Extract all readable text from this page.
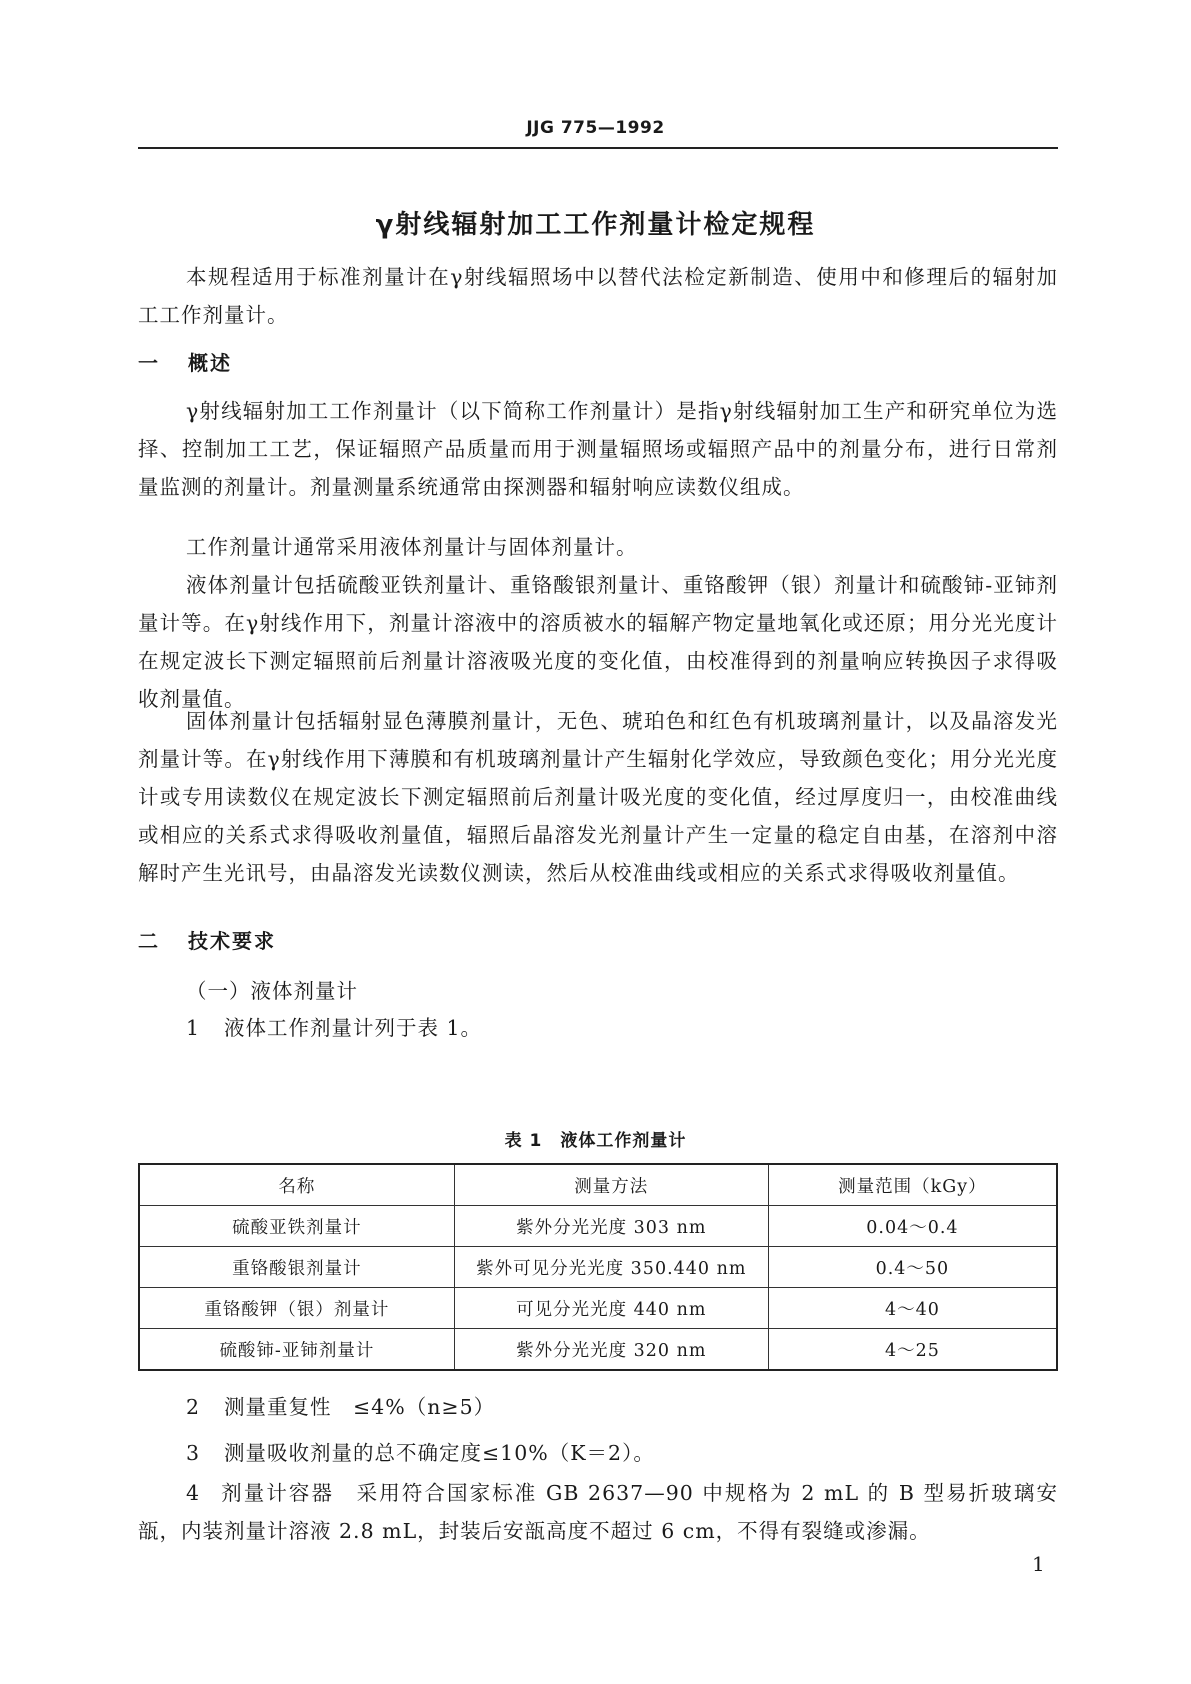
JJG 775—1992
γ射线辐射加工工作剂量计检定规程
本规程适用于标准剂量计在γ射线辐照场中以替代法检定新制造、使用中和修理后的辐射加工工作剂量计。
一 概述
γ射线辐射加工工作剂量计（以下简称工作剂量计）是指γ射线辐射加工生产和研究单位为选择、控制加工工艺，保证辐照产品质量而用于测量辐照场或辐照产品中的剂量分布，进行日常剂量监测的剂量计。剂量测量系统通常由探测器和辐射响应读数仪组成。
工作剂量计通常采用液体剂量计与固体剂量计。
液体剂量计包括硫酸亚铁剂量计、重铬酸银剂量计、重铬酸钾（银）剂量计和硫酸铈-亚铈剂量计等。在γ射线作用下，剂量计溶液中的溶质被水的辐解产物定量地氧化或还原；用分光光度计在规定波长下测定辐照前后剂量计溶液吸光度的变化值，由校准得到的剂量响应转换因子求得吸收剂量值。
固体剂量计包括辐射显色薄膜剂量计，无色、琥珀色和红色有机玻璃剂量计，以及晶溶发光剂量计等。在γ射线作用下薄膜和有机玻璃剂量计产生辐射化学效应，导致颜色变化；用分光光度计或专用读数仪在规定波长下测定辐照前后剂量计吸光度的变化值，经过厚度归一，由校准曲线或相应的关系式求得吸收剂量值，辐照后晶溶发光剂量计产生一定量的稳定自由基，在溶剂中溶解时产生光讯号，由晶溶发光读数仪测读，然后从校准曲线或相应的关系式求得吸收剂量值。
二 技术要求
（一）液体剂量计
1 液体工作剂量计列于表 1。
表 1　液体工作剂量计
名称	测量方法	测量范围（kGy）
硫酸亚铁剂量计	紫外分光光度 303 nm	0.04～0.4
重铬酸银剂量计	紫外可见分光光度 350.440 nm	0.4～50
重铬酸钾（银）剂量计	可见分光光度 440 nm	4～40
硫酸铈-亚铈剂量计	紫外分光光度 320 nm	4～25
2 测量重复性　≤4%（n≥5）
3 测量吸收剂量的总不确定度≤10%（K＝2）。
4 剂量计容器　采用符合国家标准 GB 2637—90 中规格为 2 mL 的 B 型易折玻璃安瓿，内装剂量计溶液 2.8 mL，封装后安瓿高度不超过 6 cm，不得有裂缝或渗漏。
1
